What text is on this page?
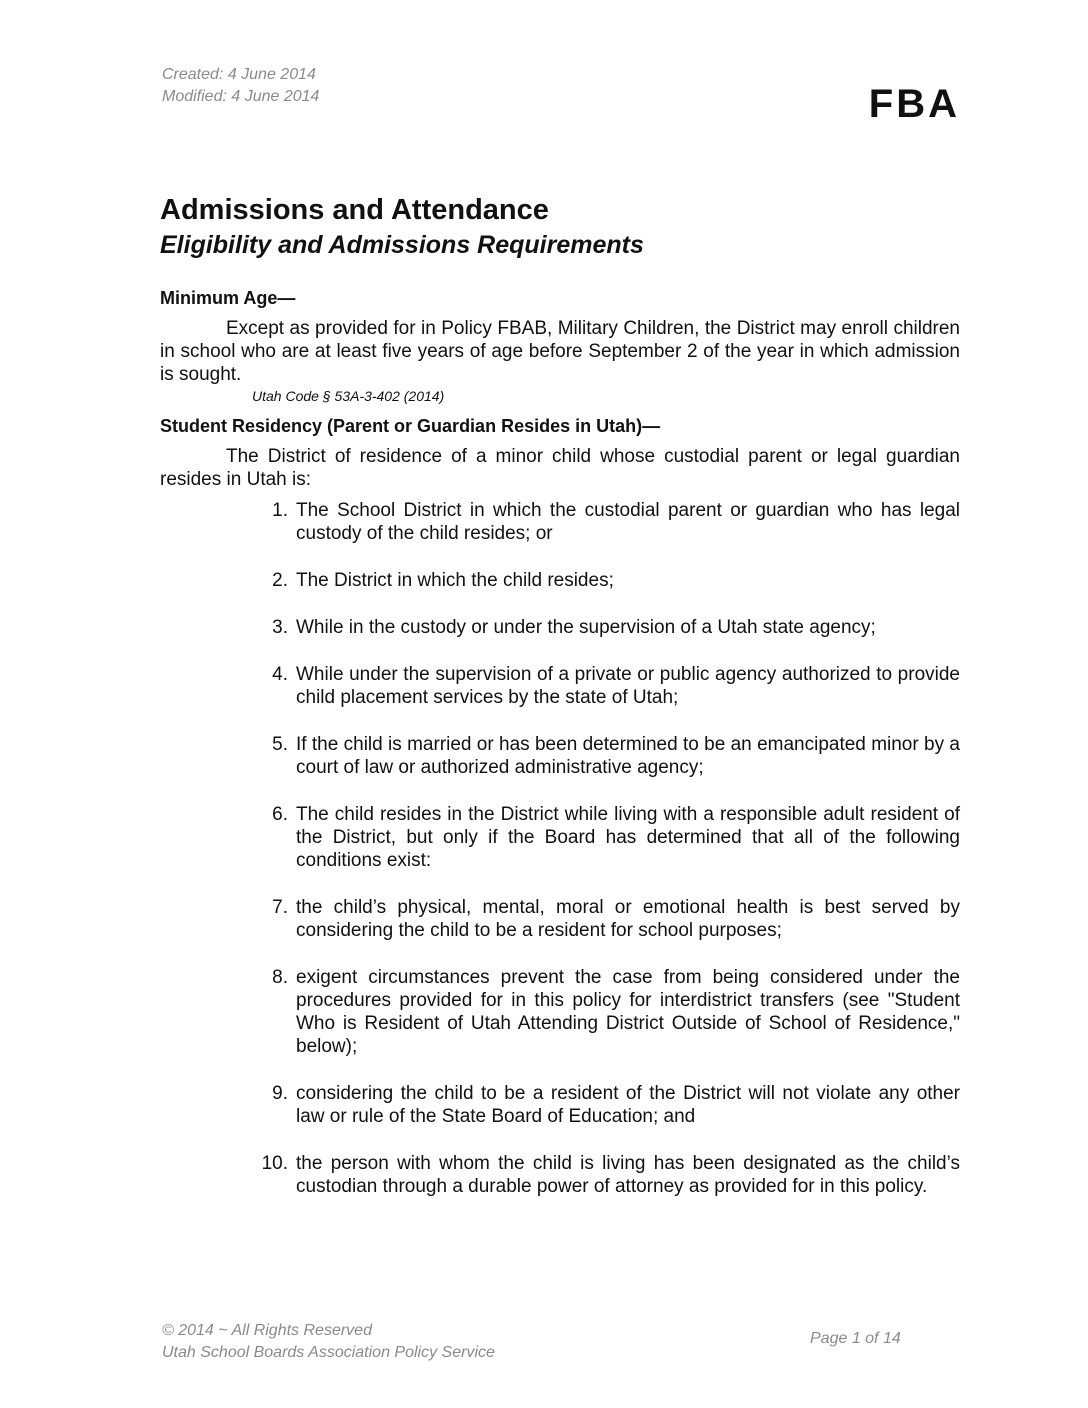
Created: 4 June 2014
Modified: 4 June 2014	FBA
Admissions and Attendance
Eligibility and Admissions Requirements
Minimum Age—

Except as provided for in Policy FBAB, Military Children, the District may enroll children in school who are at least five years of age before September 2 of the year in which admission is sought.

Utah Code § 53A-3-402 (2014)

Student Residency (Parent or Guardian Resides in Utah)—

The District of residence of a minor child whose custodial parent or legal guardian resides in Utah is:

1. The School District in which the custodial parent or guardian who has legal custody of the child resides; or
2. The District in which the child resides;
3. While in the custody or under the supervision of a Utah state agency;
4. While under the supervision of a private or public agency authorized to provide child placement services by the state of Utah;
5. If the child is married or has been determined to be an emancipated minor by a court of law or authorized administrative agency;
6. The child resides in the District while living with a responsible adult resident of the District, but only if the Board has determined that all of the following conditions exist:
7. the child’s physical, mental, moral or emotional health is best served by considering the child to be a resident for school purposes;
8. exigent circumstances prevent the case from being considered under the procedures provided for in this policy for interdistrict transfers (see "Student Who is Resident of Utah Attending District Outside of School of Residence," below);
9. considering the child to be a resident of the District will not violate any other law or rule of the State Board of Education; and
10. the person with whom the child is living has been designated as the child’s custodian through a durable power of attorney as provided for in this policy.
© 2014 ~ All Rights Reserved
Utah School Boards Association Policy Service
Page 1 of 14
